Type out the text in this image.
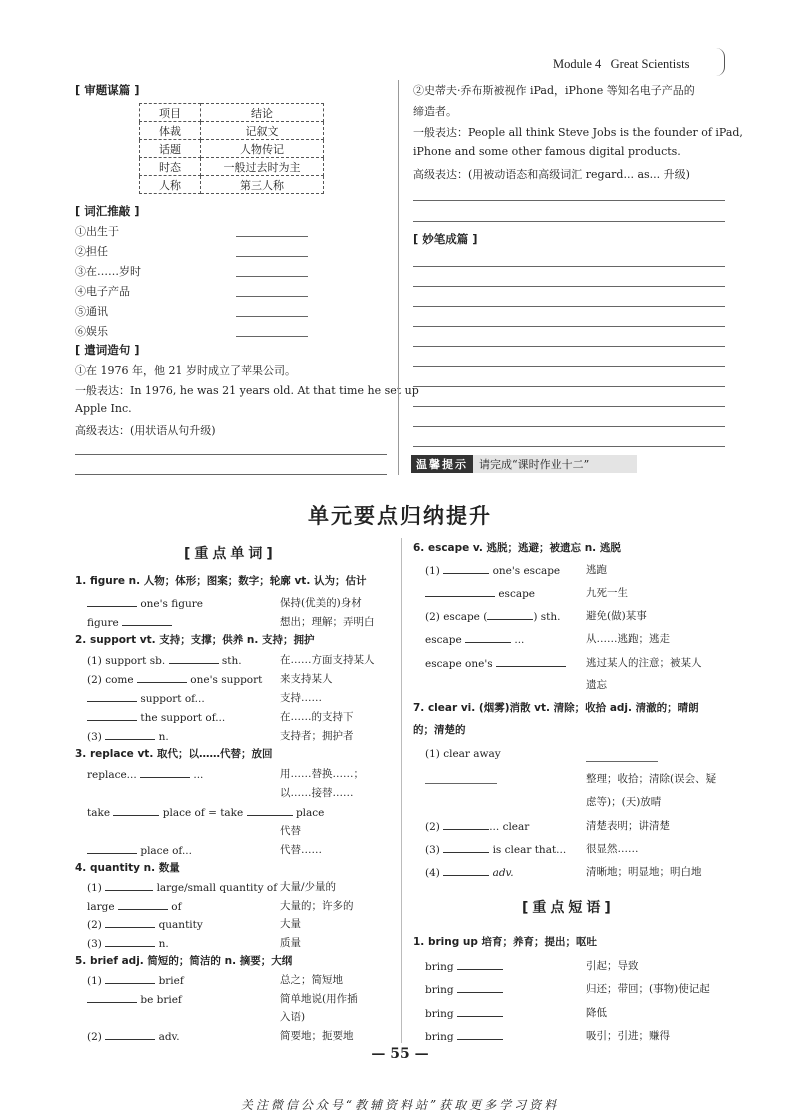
Module 4 Great Scientists
[ 审题谋篇 ]
项目	结论
体裁	记叙文
话题	人物传记
时态	一般过去时为主
人称	第三人称
[ 词汇推敲 ]
①出生于
②担任
③在……岁时
④电子产品
⑤通讯
⑥娱乐
[ 遣词造句 ]
①在 1976 年，他 21 岁时成立了苹果公司。
一般表达：In 1976, he was 21 years old. At that time he set up
Apple Inc.
高级表达：(用状语从句升级)
②史蒂夫·乔布斯被视作 iPad，iPhone 等知名电子产品的
缔造者。
一般表达：People all think Steve Jobs is the founder of iPad,
iPhone and some other famous digital products.
高级表达：(用被动语态和高级词汇 regard... as... 升级)
[ 妙笔成篇 ]
温馨提示 请完成“课时作业十二”
单元要点归纳提升
[重点单词]
1. figure n. 人物；体形；图案；数字；轮廓 vt. 认为；估计
one's figure	保持(优美的)身材
figure	想出；理解；弄明白
2. support vt. 支持；支撑；供养 n. 支持；拥护
(1) support sb.	sth.	在……方面支持某人
(2) come	one's support 来支持某人
support of...	支持……
the support of...	在……的支持下
(3)	n.	支持者；拥护者
3. replace vt. 取代；以……代替；放回
replace...	...	用……替换……；
以……接替……
take	place of = take	place
代替
place of...	代替……
4. quantity n. 数量
(1)	large/small quantity of 大量/少量的
large	of	大量的；许多的
(2)	quantity	大量
(3)	n.	质量
5. brief adj. 简短的；简洁的 n. 摘要；大纲
(1)	brief	总之；简短地
be brief	简单地说(用作插
入语)
(2)	adv.	简要地；扼要地
6. escape v. 逃脱；逃避；被遗忘 n. 逃脱
(1)	one's escape 逃跑
escape	九死一生
(2) escape (	) sth. 避免(做)某事
escape	...	从……逃跑；逃走
escape one's	逃过某人的注意；被某人
遗忘
7. clear vi. (烟雾)消散 vt. 清除；收拾 adj. 清澈的；晴朗
的；清楚的
(1) clear away
整理；收拾；清除(误会、疑
虑等)；(天)放晴
(2)	... clear	清楚表明；讲清楚
(3)	is clear that... 很显然……
(4)	adv.	清晰地；明显地；明白地
[重点短语]
1. bring up 培育；养育；提出；呕吐
bring	引起；导致
bring	归还；带回；(事物)使记起
bring	降低
bring	吸引；引进；赚得
— 55 —
关注微信公众号“教辅资料站”获取更多学习资料
